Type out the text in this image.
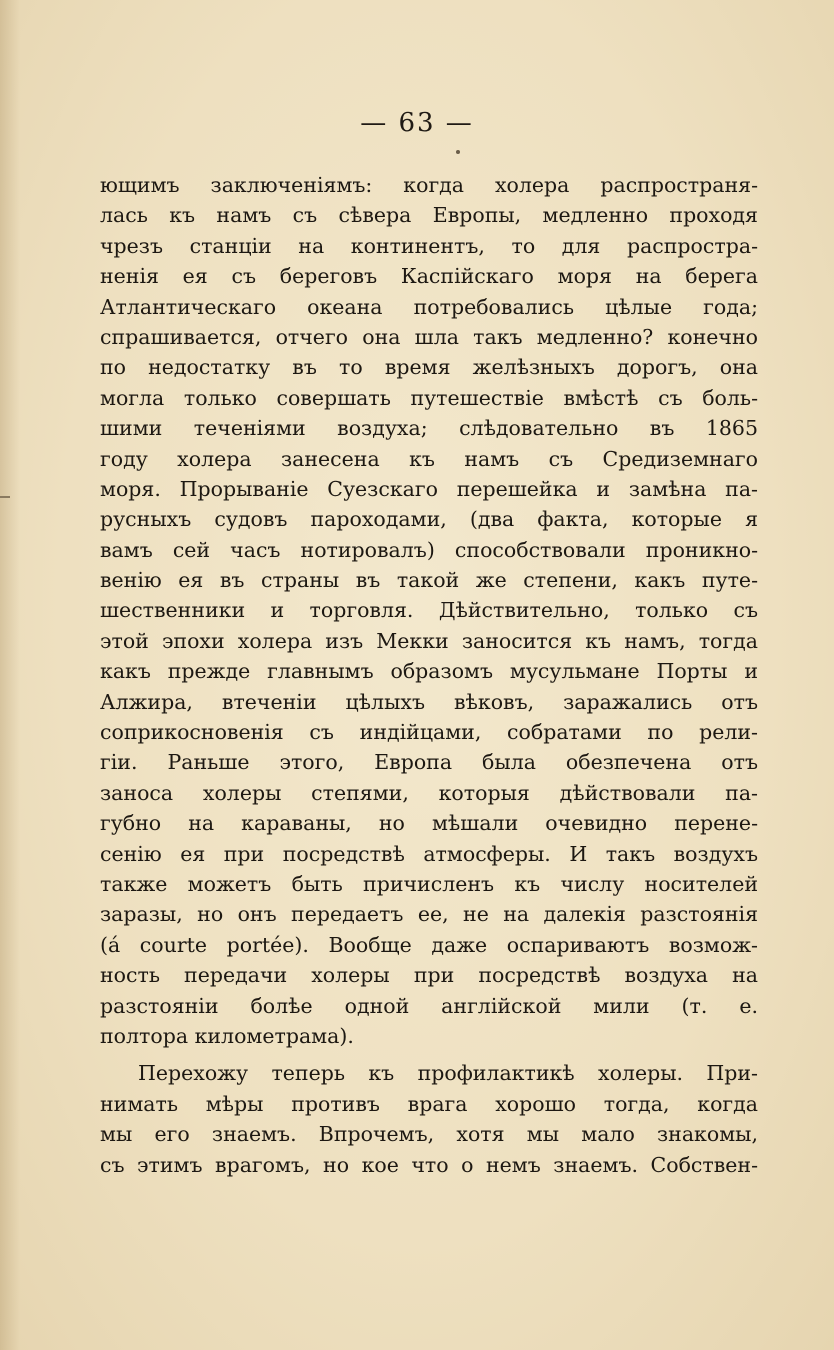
— 63 —
ющимъ заключеніямъ: когда холера распространя-
лась къ намъ съ сѣвера Европы, медленно проходя
чрезъ станціи на континентъ, то для распростра-
ненія ея съ береговъ Каспійскаго моря на берега
Атлантическаго океана потребовались цѣлые года;
спрашивается, отчего она шла такъ медленно? конечно
по недостатку въ то время желѣзныхъ дорогъ, она
могла только совершать путешествіе вмѣстѣ съ боль-
шими теченіями воздуха; слѣдовательно въ 1865
году холера занесена къ намъ съ Средиземнаго
моря. Прорываніе Суезскаго перешейка и замѣна па-
русныхъ судовъ пароходами, (два факта, которые я
вамъ сей часъ нотировалъ) способствовали проникно-
венію ея въ страны въ такой же степени, какъ путе-
шественники и торговля. Дѣйствительно, только съ
этой эпохи холера изъ Мекки заносится къ намъ, тогда
какъ прежде главнымъ образомъ мусульмане Порты и
Алжира, втеченіи цѣлыхъ вѣковъ, заражались отъ
соприкосновенія съ индійцами, собратами по рели-
гіи. Раньше этого, Европа была обезпечена отъ
заноса холеры степями, которыя дѣйствовали па-
губно на караваны, но мѣшали очевидно перене-
сенію ея при посредствѣ атмосферы. И такъ воздухъ
также можетъ быть причисленъ къ числу носителей
заразы, но онъ передаетъ ее, не на далекія разстоянія
(á courte portée). Вообще даже оспариваютъ возмож-
ность передачи холеры при посредствѣ воздуха на
разстояніи болѣе одной англійской мили (т. е.
полтора километрама).
Перехожу теперь къ профилактикѣ холеры. При-
нимать мѣры противъ врага хорошо тогда, когда
мы его знаемъ. Впрочемъ, хотя мы мало знакомы,
съ этимъ врагомъ, но кое что о немъ знаемъ. Собствен-
